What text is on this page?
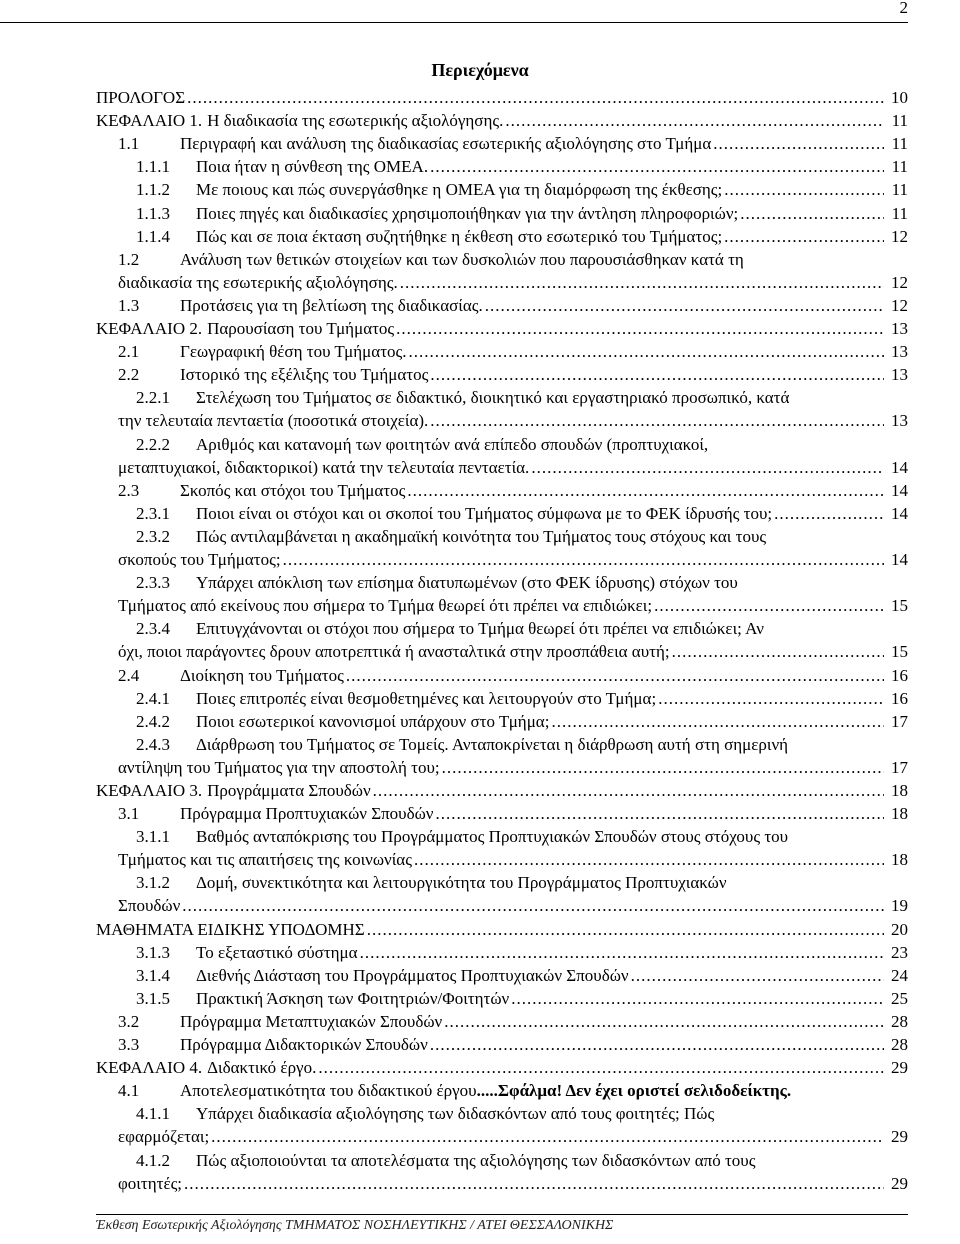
2
Περιεχόμενα
ΠΡΟΛΟΓΟΣ .....	10
ΚΕΦΑΛΑΙΟ 1. Η διαδικασία της εσωτερικής αξιολόγησης. .....	11
1.1	Περιγραφή και ανάλυση της διαδικασίας εσωτερικής αξιολόγησης στο Τμήμα .....	11
1.1.1	Ποια ήταν η σύνθεση της ΟΜΕΑ. .....	11
1.1.2	Με ποιους και πώς συνεργάσθηκε η ΟΜΕΑ για τη διαμόρφωση της έκθεσης; .....	11
1.1.3	Ποιες πηγές και διαδικασίες χρησιμοποιήθηκαν για την άντληση πληροφοριών; .....	11
1.1.4	Πώς και σε ποια έκταση συζητήθηκε η έκθεση στο εσωτερικό του Τμήματος; .....	12
1.2	Ανάλυση των θετικών στοιχείων και των δυσκολιών που παρουσιάσθηκαν κατά τη
διαδικασία της εσωτερικής αξιολόγησης. .....	12
1.3	Προτάσεις για τη βελτίωση της διαδικασίας. .....	12
ΚΕΦΑΛΑΙΟ 2. Παρουσίαση του Τμήματος .....	13
2.1	Γεωγραφική θέση του Τμήματος. .....	13
2.2	Ιστορικό της εξέλιξης του Τμήματος .....	13
2.2.1	Στελέχωση του Τμήματος σε διδακτικό, διοικητικό και εργαστηριακό προσωπικό, κατά
την τελευταία πενταετία (ποσοτικά στοιχεία). .....	13
2.2.2	Αριθμός και κατανομή των φοιτητών ανά επίπεδο σπουδών (προπτυχιακοί,
μεταπτυχιακοί, διδακτορικοί) κατά την τελευταία πενταετία. .....	14
2.3	Σκοπός και στόχοι του Τμήματος .....	14
2.3.1	Ποιοι είναι οι στόχοι και οι σκοποί του Τμήματος σύμφωνα με το ΦΕΚ ίδρυσής του; .....	14
2.3.2	Πώς αντιλαμβάνεται η ακαδημαϊκή κοινότητα του Τμήματος τους στόχους και τους
σκοπούς του Τμήματος; .....	14
2.3.3	Υπάρχει απόκλιση των επίσημα διατυπωμένων (στο ΦΕΚ ίδρυσης) στόχων του
Τμήματος από εκείνους που σήμερα το Τμήμα θεωρεί ότι πρέπει να επιδιώκει; .....	15
2.3.4	Επιτυγχάνονται οι στόχοι που σήμερα το Τμήμα θεωρεί ότι πρέπει να επιδιώκει; Αν
όχι, ποιοι παράγοντες δρουν αποτρεπτικά ή ανασταλτικά στην προσπάθεια αυτή; .....	15
2.4	Διοίκηση του Τμήματος .....	16
2.4.1	Ποιες επιτροπές είναι θεσμοθετημένες και λειτουργούν στο Τμήμα; .....	16
2.4.2	Ποιοι εσωτερικοί κανονισμοί υπάρχουν στο Τμήμα; .....	17
2.4.3	Διάρθρωση του Τμήματος σε Τομείς. Ανταποκρίνεται η διάρθρωση αυτή στη σημερινή
αντίληψη του Τμήματος για την αποστολή του; .....	17
ΚΕΦΑΛΑΙΟ 3. Προγράμματα Σπουδών .....	18
3.1	Πρόγραμμα Προπτυχιακών Σπουδών .....	18
3.1.1	Βαθμός ανταπόκρισης του Προγράμματος Προπτυχιακών Σπουδών στους στόχους του
Τμήματος και τις απαιτήσεις της κοινωνίας .....	18
3.1.2	Δομή, συνεκτικότητα και λειτουργικότητα του Προγράμματος Προπτυχιακών
Σπουδών .....	19
ΜΑΘΗΜΑΤΑ ΕΙΔΙΚΗΣ ΥΠΟΔΟΜΗΣ .....	20
3.1.3	Το εξεταστικό σύστημα .....	23
3.1.4	Διεθνής Διάσταση του Προγράμματος Προπτυχιακών Σπουδών .....	24
3.1.5	Πρακτική Άσκηση των Φοιτητριών/Φοιτητών .....	25
3.2	Πρόγραμμα Μεταπτυχιακών Σπουδών .....	28
3.3	Πρόγραμμα Διδακτορικών Σπουδών .....	28
ΚΕΦΑΛΑΙΟ 4. Διδακτικό έργο. .....	29
4.1	Αποτελεσματικότητα του διδακτικού έργου ..... Σφάλμα! Δεν έχει οριστεί σελιδοδείκτης.
4.1.1	Υπάρχει διαδικασία αξιολόγησης των διδασκόντων από τους φοιτητές; Πώς
εφαρμόζεται; .....	29
4.1.2	Πώς αξιοποιούνται τα αποτελέσματα της αξιολόγησης των διδασκόντων από τους
φοιτητές; .....	29
Έκθεση Εσωτερικής Αξιολόγησης ΤΜΗΜΑΤΟΣ ΝΟΣΗΛΕΥΤΙΚΗΣ / ΑΤΕΙ ΘΕΣΣΑΛΟΝΙΚΗΣ
